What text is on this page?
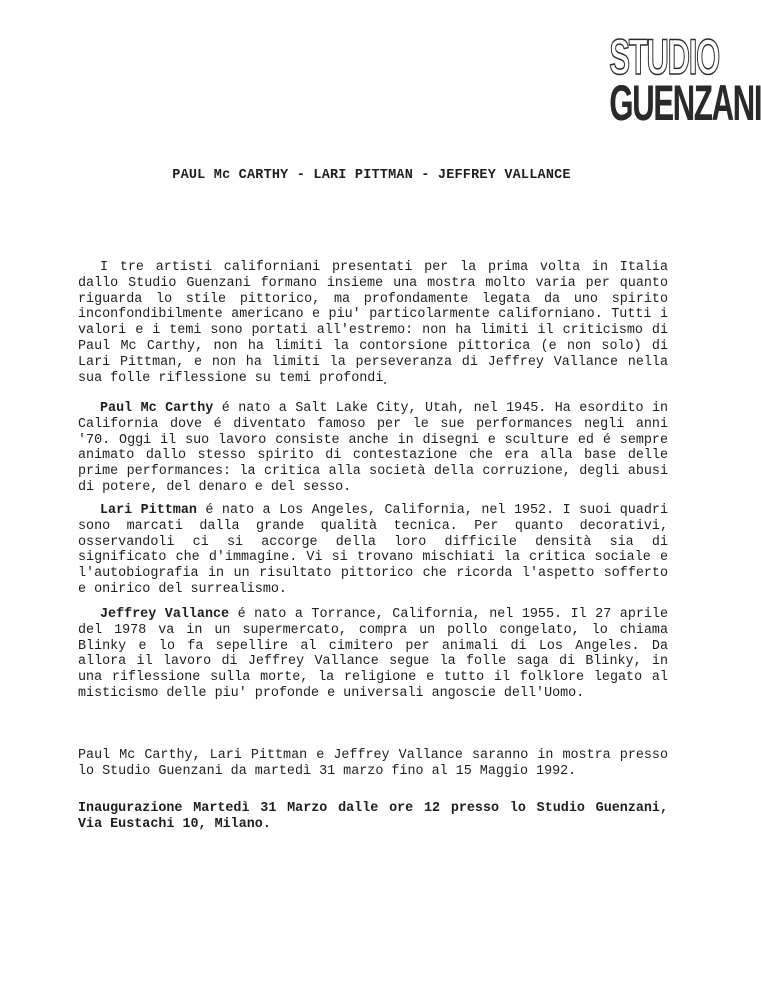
STUDIO
GUENZANI
PAUL Mc CARTHY - LARI PITTMAN - JEFFREY VALLANCE
I tre artisti californiani presentati per la prima volta in Italia dallo Studio Guenzani formano insieme una mostra molto varia per quanto riguarda lo stile pittorico, ma profondamente legata da uno spirito inconfondibilmente americano e piu' particolarmente californiano. Tutti i valori e i temi sono portati all'estremo: non ha limiti il criticismo di Paul Mc Carthy, non ha limiti la contorsione pittorica (e non solo) di Lari Pittman, e non ha limiti la perseveranza di Jeffrey Vallance nella sua folle riflessione su temi profondi
Paul Mc Carthy é nato a Salt Lake City, Utah, nel 1945. Ha esordito in California dove é diventato famoso per le sue performances negli anni '70. Oggi il suo lavoro consiste anche in disegni e sculture ed é sempre animato dallo stesso spirito di contestazione che era alla base delle prime performances: la critica alla società della corruzione, degli abusi di potere, del denaro e del sesso.
Lari Pittman é nato a Los Angeles, California, nel 1952. I suoi quadri sono marcati dalla grande qualità tecnica. Per quanto decorativi, osservandoli ci si accorge della loro difficile densità sia di significato che d'immagine. Vi si trovano mischiati la critica sociale e l'autobiografia in un risultato pittorico che ricorda l'aspetto sofferto e onirico del surrealismo.
Jeffrey Vallance é nato a Torrance, California, nel 1955. Il 27 aprile del 1978 va in un supermercato, compra un pollo congelato, lo chiama Blinky e lo fa sepellire al cimitero per animali di Los Angeles. Da allora il lavoro di Jeffrey Vallance segue la folle saga di Blinky, in una riflessione sulla morte, la religione e tutto il folklore legato al misticismo delle piu' profonde e universali angoscie dell'Uomo.
Paul Mc Carthy, Lari Pittman e Jeffrey Vallance saranno in mostra presso lo Studio Guenzani da martedì 31 marzo fino al 15 Maggio 1992.
Inaugurazione Martedì 31 Marzo dalle ore 12 presso lo Studio Guenzani, Via Eustachi 10, Milano.
